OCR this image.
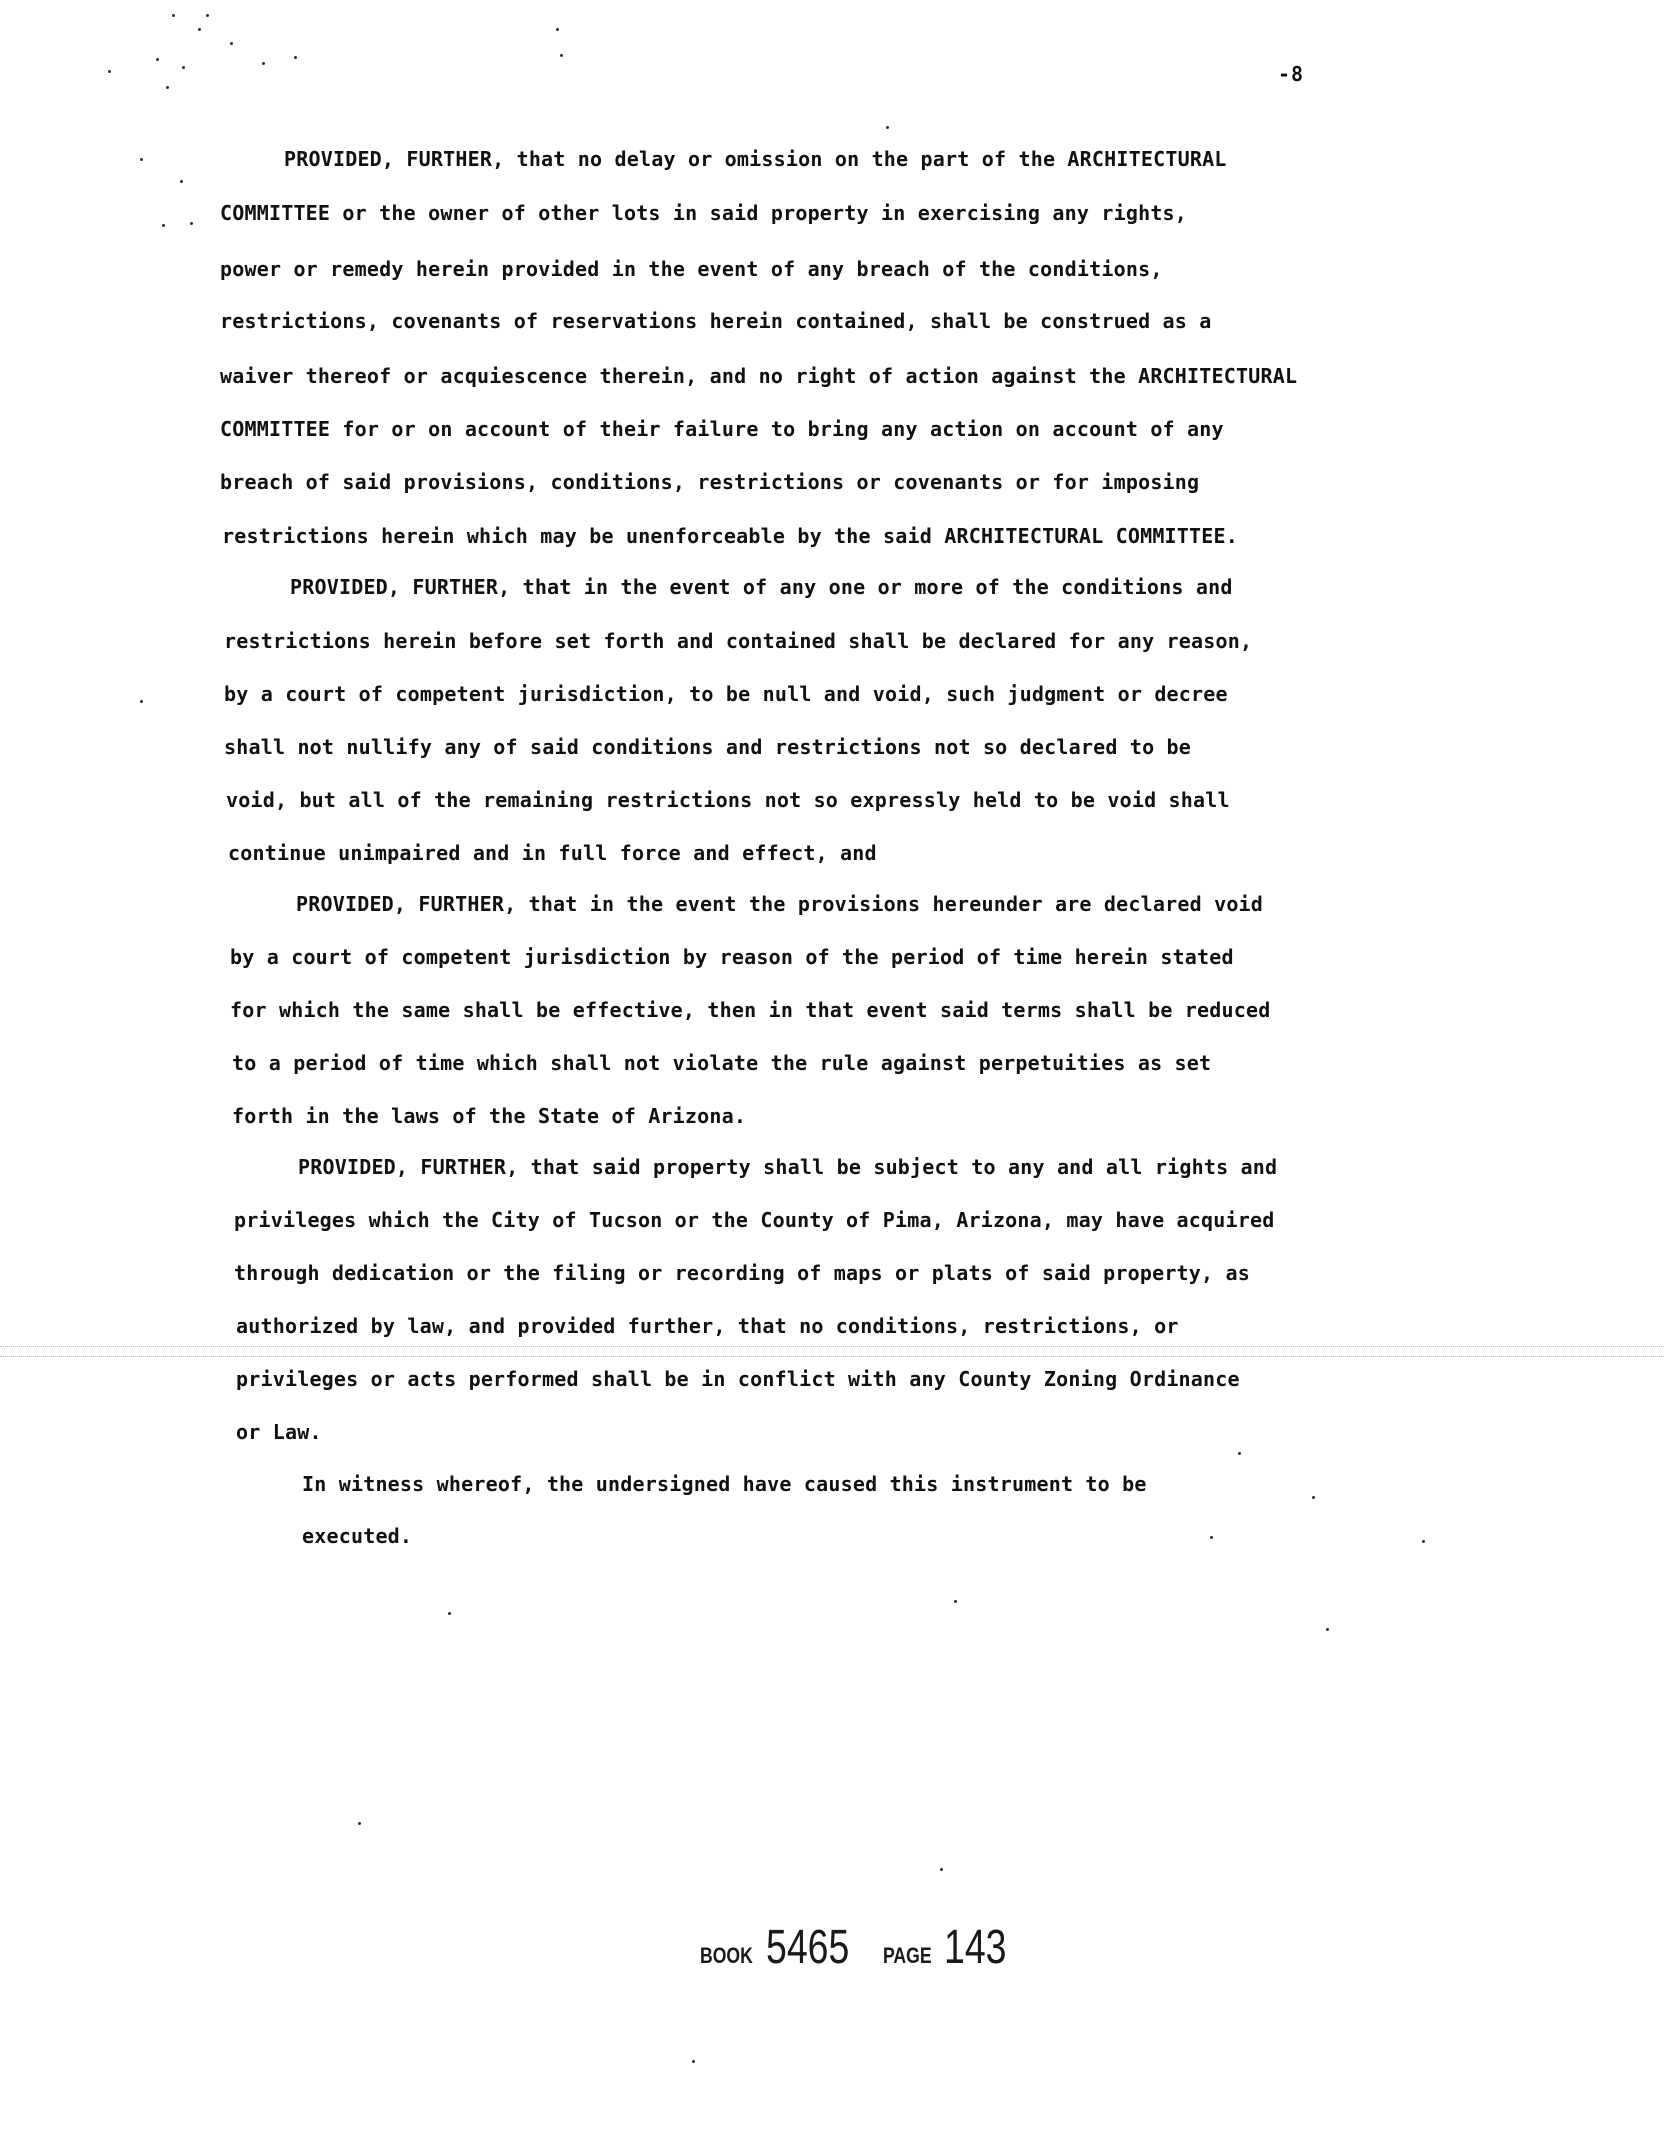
-8
PROVIDED, FURTHER, that no delay or omission on the part of the ARCHITECTURAL
COMMITTEE or the owner of other lots in said property in exercising any rights,
power or remedy herein provided in the event of any breach of the conditions,
restrictions, covenants of reservations herein contained, shall be construed as a
waiver thereof or acquiescence therein, and no right of action against the ARCHITECTURAL
COMMITTEE for or on account of their failure to bring any action on account of any
breach of said provisions, conditions, restrictions or covenants or for imposing
restrictions herein which may be unenforceable by the said ARCHITECTURAL COMMITTEE.
PROVIDED, FURTHER, that in the event of any one or more of the conditions and
restrictions herein before set forth and contained shall be declared for any reason,
by a court of competent jurisdiction, to be null and void, such judgment or decree
shall not nullify any of said conditions and restrictions not so declared to be
void, but all of the remaining restrictions not so expressly held to be void shall
continue unimpaired and in full force and effect, and
PROVIDED, FURTHER, that in the event the provisions hereunder are declared void
by a court of competent jurisdiction by reason of the period of time herein stated
for which the same shall be effective, then in that event said terms shall be reduced
to a period of time which shall not violate the rule against perpetuities as set
forth in the laws of the State of Arizona.
PROVIDED, FURTHER, that said property shall be subject to any and all rights and
privileges which the City of Tucson or the County of Pima, Arizona, may have acquired
through dedication or the filing or recording of maps or plats of said property, as
authorized by law, and provided further, that no conditions, restrictions, or
privileges or acts performed shall be in conflict with any County Zoning Ordinance
or Law.
In witness whereof, the undersigned have caused this instrument to be
executed.
BOOK 5465 PAGE 143
